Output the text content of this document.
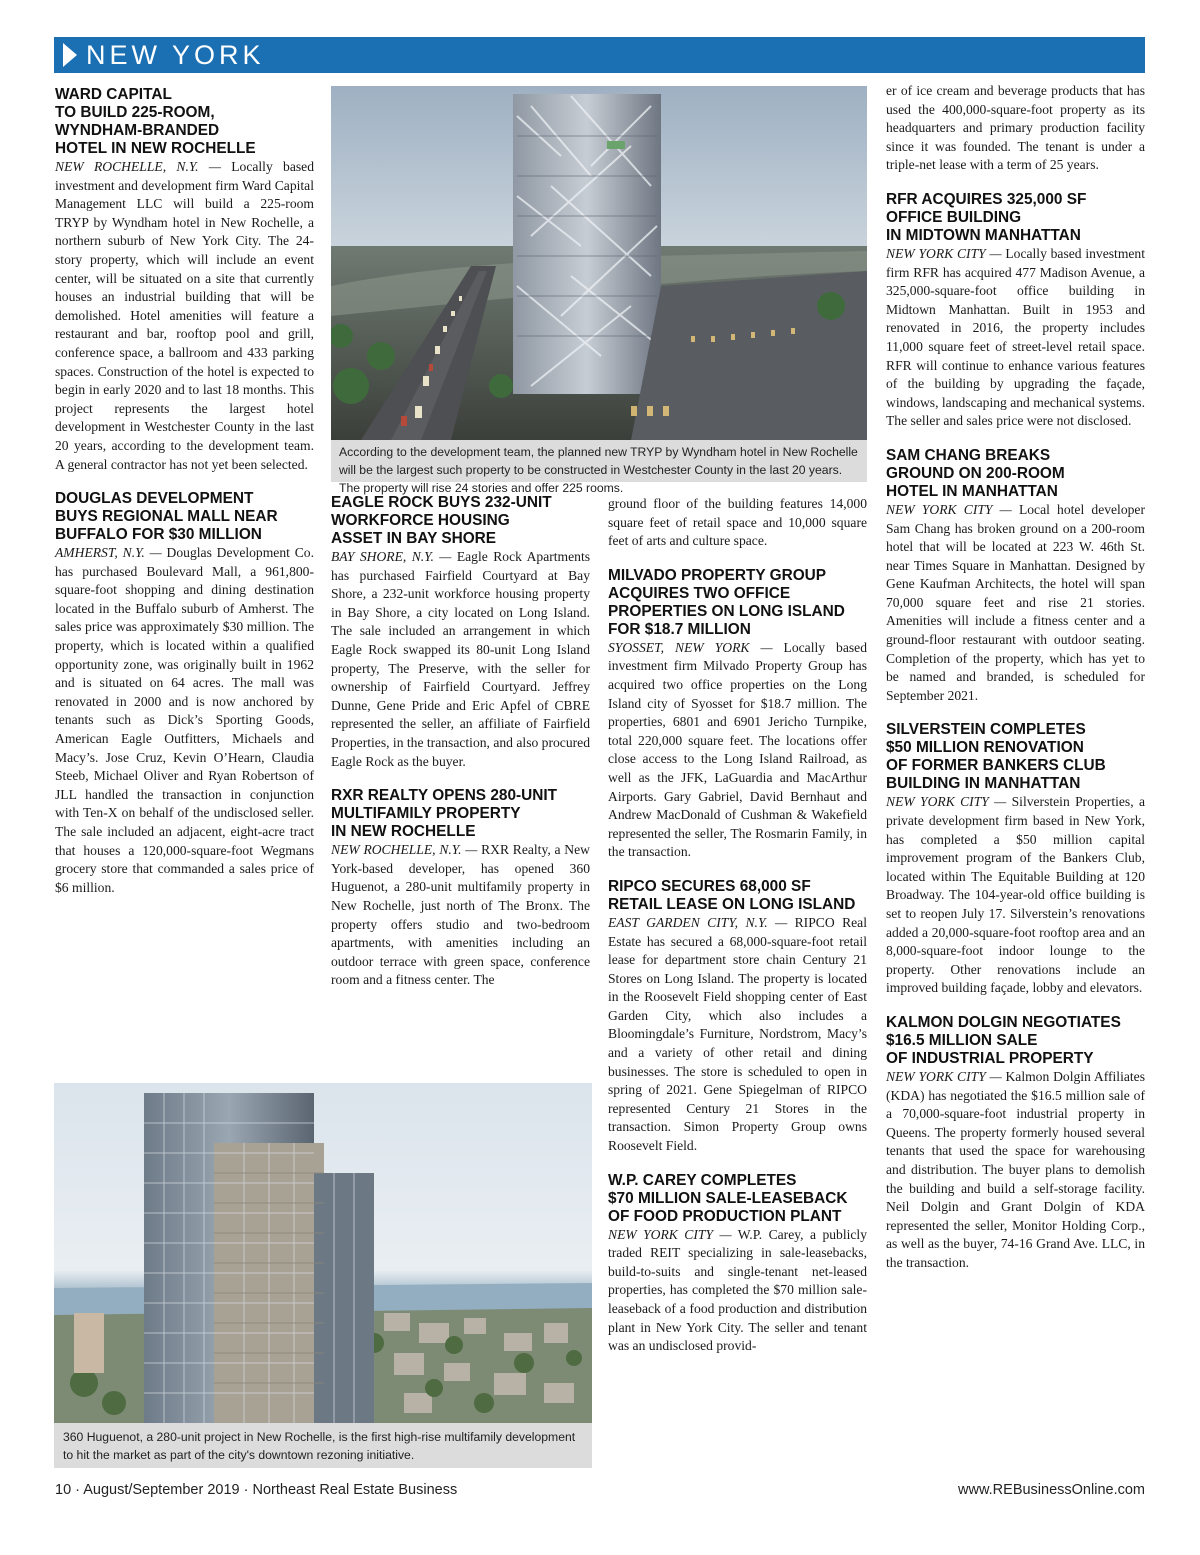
NEW YORK
WARD CAPITAL
TO BUILD 225-ROOM,
WYNDHAM-BRANDED
HOTEL IN NEW ROCHELLE
NEW ROCHELLE, N.Y. — Locally based investment and development firm Ward Capital Management LLC will build a 225-room TRYP by Wyndham hotel in New Rochelle, a northern suburb of New York City. The 24-story property, which will include an event center, will be situated on a site that currently houses an industrial building that will be demolished. Hotel amenities will feature a restaurant and bar, rooftop pool and grill, conference space, a ballroom and 433 parking spaces. Construction of the hotel is expected to begin in early 2020 and to last 18 months. This project represents the largest hotel development in Westchester County in the last 20 years, according to the development team. A general contractor has not yet been selected.
DOUGLAS DEVELOPMENT
BUYS REGIONAL MALL NEAR
BUFFALO FOR $30 MILLION
AMHERST, N.Y. — Douglas Development Co. has purchased Boulevard Mall, a 961,800-square-foot shopping and dining destination located in the Buffalo suburb of Amherst. The sales price was approximately $30 million. The property, which is located within a qualified opportunity zone, was originally built in 1962 and is situated on 64 acres. The mall was renovated in 2000 and is now anchored by tenants such as Dick’s Sporting Goods, American Eagle Outfitters, Michaels and Macy’s. Jose Cruz, Kevin O’Hearn, Claudia Steeb, Michael Oliver and Ryan Robertson of JLL handled the transaction in conjunction with Ten-X on behalf of the undisclosed seller. The sale included an adjacent, eight-acre tract that houses a 120,000-square-foot Wegmans grocery store that commanded a sales price of $6 million.
According to the development team, the planned new TRYP by Wyndham hotel in New Rochelle will be the largest such property to be constructed in Westchester County in the last 20 years. The property will rise 24 stories and offer 225 rooms.
EAGLE ROCK BUYS 232-UNIT
WORKFORCE HOUSING
ASSET IN BAY SHORE
BAY SHORE, N.Y. — Eagle Rock Apartments has purchased Fairfield Courtyard at Bay Shore, a 232-unit workforce housing property in Bay Shore, a city located on Long Island. The sale included an arrangement in which Eagle Rock swapped its 80-unit Long Island property, The Preserve, with the seller for ownership of Fairfield Courtyard. Jeffrey Dunne, Gene Pride and Eric Apfel of CBRE represented the seller, an affiliate of Fairfield Properties, in the transaction, and also procured Eagle Rock as the buyer.
RXR REALTY OPENS 280-UNIT
MULTIFAMILY PROPERTY
IN NEW ROCHELLE
NEW ROCHELLE, N.Y. — RXR Realty, a New York-based developer, has opened 360 Huguenot, a 280-unit multifamily property in New Rochelle, just north of The Bronx. The property offers studio and two-bedroom apartments, with amenities including an outdoor terrace with green space, conference room and a fitness center. The
ground floor of the building features 14,000 square feet of retail space and 10,000 square feet of arts and culture space.
MILVADO PROPERTY GROUP
ACQUIRES TWO OFFICE
PROPERTIES ON LONG ISLAND
FOR $18.7 MILLION
SYOSSET, NEW YORK — Locally based investment firm Milvado Property Group has acquired two office properties on the Long Island city of Syosset for $18.7 million. The properties, 6801 and 6901 Jericho Turnpike, total 220,000 square feet. The locations offer close access to the Long Island Railroad, as well as the JFK, LaGuardia and MacArthur Airports. Gary Gabriel, David Bernhaut and Andrew MacDonald of Cushman & Wakefield represented the seller, The Rosmarin Family, in the transaction.
RIPCO SECURES 68,000 SF
RETAIL LEASE ON LONG ISLAND
EAST GARDEN CITY, N.Y. — RIPCO Real Estate has secured a 68,000-square-foot retail lease for department store chain Century 21 Stores on Long Island. The property is located in the Roosevelt Field shopping center of East Garden City, which also includes a Bloomingdale’s Furniture, Nordstrom, Macy’s and a variety of other retail and dining businesses. The store is scheduled to open in spring of 2021. Gene Spiegelman of RIPCO represented Century 21 Stores in the transaction. Simon Property Group owns Roosevelt Field.
W.P. CAREY COMPLETES
$70 MILLION SALE-LEASEBACK
OF FOOD PRODUCTION PLANT
NEW YORK CITY — W.P. Carey, a publicly traded REIT specializing in sale-leasebacks, build-to-suits and single-tenant net-leased properties, has completed the $70 million sale-leaseback of a food production and distribution plant in New York City. The seller and tenant was an undisclosed provid-
er of ice cream and beverage products that has used the 400,000-square-foot property as its headquarters and primary production facility since it was founded. The tenant is under a triple-net lease with a term of 25 years.
RFR ACQUIRES 325,000 SF
OFFICE BUILDING
IN MIDTOWN MANHATTAN
NEW YORK CITY — Locally based investment firm RFR has acquired 477 Madison Avenue, a 325,000-square-foot office building in Midtown Manhattan. Built in 1953 and renovated in 2016, the property includes 11,000 square feet of street-level retail space. RFR will continue to enhance various features of the building by upgrading the façade, windows, landscaping and mechanical systems. The seller and sales price were not disclosed.
SAM CHANG BREAKS
GROUND ON 200-ROOM
HOTEL IN MANHATTAN
NEW YORK CITY — Local hotel developer Sam Chang has broken ground on a 200-room hotel that will be located at 223 W. 46th St. near Times Square in Manhattan. Designed by Gene Kaufman Architects, the hotel will span 70,000 square feet and rise 21 stories. Amenities will include a fitness center and a ground-floor restaurant with outdoor seating. Completion of the property, which has yet to be named and branded, is scheduled for September 2021.
SILVERSTEIN COMPLETES
$50 MILLION RENOVATION
OF FORMER BANKERS CLUB
BUILDING IN MANHATTAN
NEW YORK CITY — Silverstein Properties, a private development firm based in New York, has completed a $50 million capital improvement program of the Bankers Club, located within The Equitable Building at 120 Broadway. The 104-year-old office building is set to reopen July 17. Silverstein’s renovations added a 20,000-square-foot rooftop area and an 8,000-square-foot indoor lounge to the property. Other renovations include an improved building façade, lobby and elevators.
KALMON DOLGIN NEGOTIATES
$16.5 MILLION SALE
OF INDUSTRIAL PROPERTY
NEW YORK CITY — Kalmon Dolgin Affiliates (KDA) has negotiated the $16.5 million sale of a 70,000-square-foot industrial property in Queens. The property formerly housed several tenants that used the space for warehousing and distribution. The buyer plans to demolish the building and build a self-storage facility. Neil Dolgin and Grant Dolgin of KDA represented the seller, Monitor Holding Corp., as well as the buyer, 74-16 Grand Ave. LLC, in the transaction.
360 Huguenot, a 280-unit project in New Rochelle, is the first high-rise multifamily development to hit the market as part of the city's downtown rezoning initiative.
10 · August/September 2019 · Northeast Real Estate Business	www.REBusinessOnline.com
